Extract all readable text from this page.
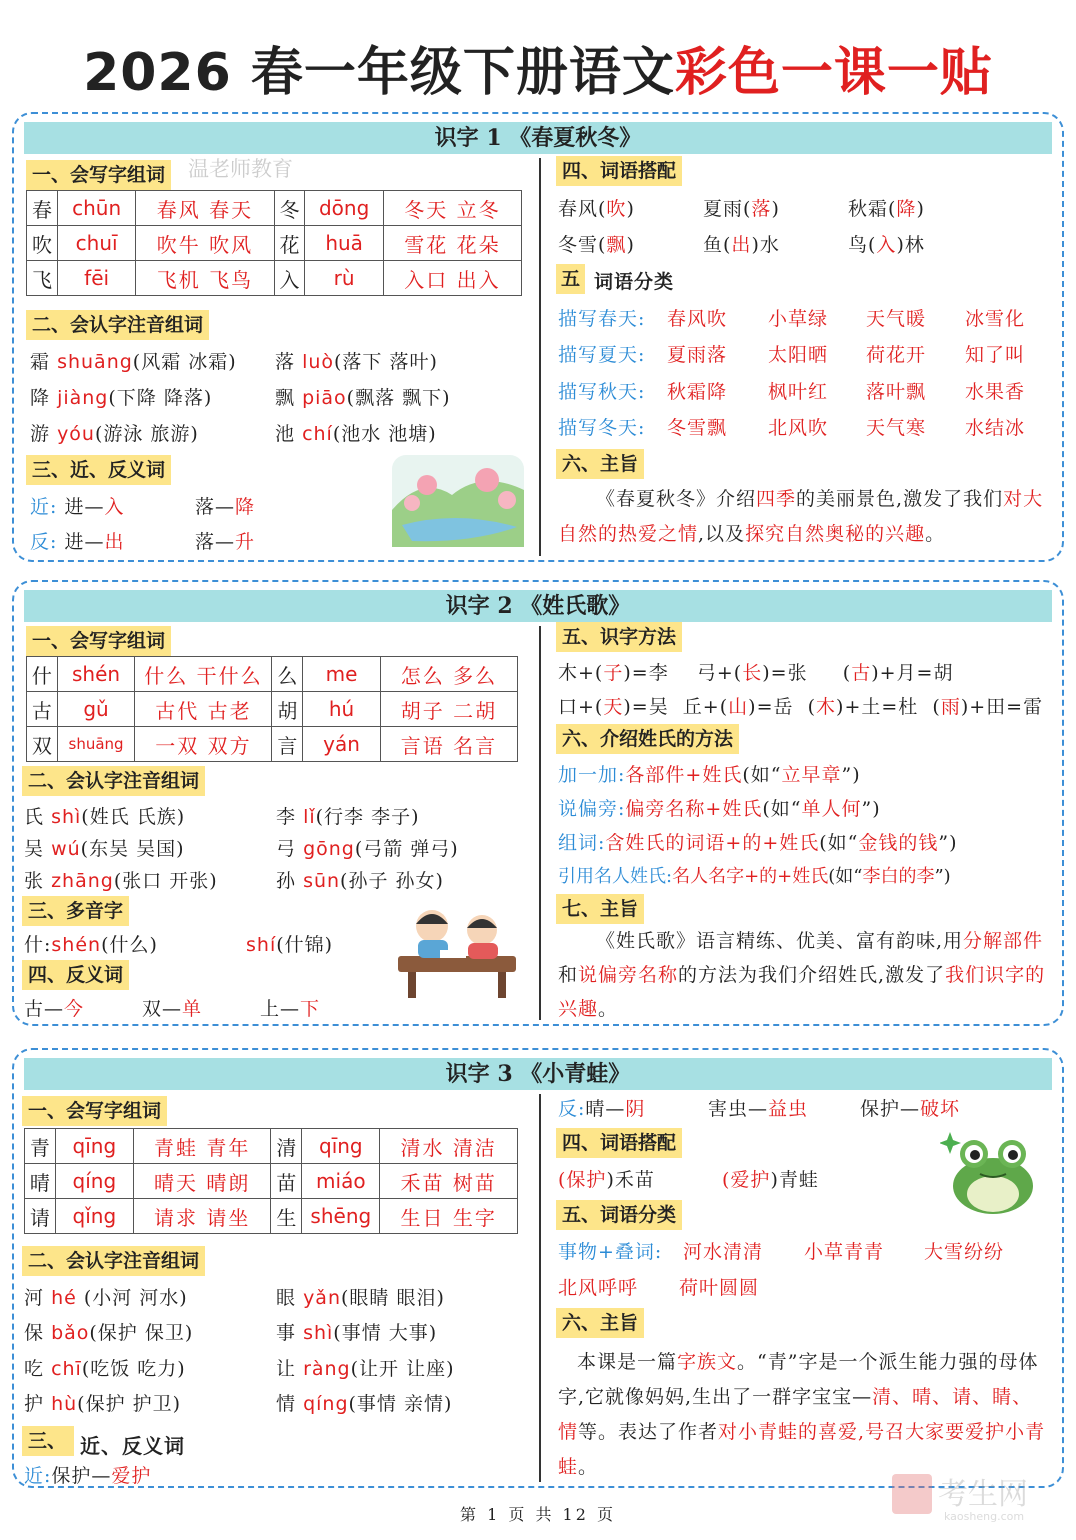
2026 春一年级下册语文彩色一课一贴
识字 1 《春夏秋冬》
一、会写字组词 温老师教育
春	chūn	春风 春天	冬	dōng	冬天 立冬
吹	chuī	吹牛 吹风	花	huā	雪花 花朵
飞	fēi	飞机 飞鸟	入	rù	入口 出入
二、会认字注音组词
霜 shuāng(风霜 冰霜) 落 luò(落下 落叶)
降 jiàng(下降 降落)	飘 piāo(飘落 飘下)
游 yóu(游泳 旅游)	池 chí(池水 池塘)
三、近、反义词
近: 进—入	落—降
反: 进—出	落—升
四、词语搭配
春风(吹)	夏雨(落)	秋霜(降)
冬雪(飘)	鱼(出)水	鸟(入)林
五 词语分类
描写春天: 春风吹 小草绿 天气暖 冰雪化
描写夏天: 夏雨落 太阳晒 荷花开 知了叫
描写秋天: 秋霜降 枫叶红 落叶飘 水果香
描写冬天: 冬雪飘 北风吹 天气寒 水结冰
六、主旨
《春夏秋冬》介绍四季的美丽景色,激发了我们对大自然的热爱之情,以及探究自然奥秘的兴趣。
识字 2 《姓氏歌》
一、会写字组词
什	shén	什么 干什么	么	me	怎么 多么
古	gǔ	古代 古老	胡	hú	胡子 二胡
双	shuāng	一双 双方	言	yán	言语 名言
二、会认字注音组词
氏 shì(姓氏 氏族)	李 lǐ(行李 李子)
吴 wú(东吴 吴国)	弓 gōng(弓箭 弹弓)
张 zhāng(张口 开张)	孙 sūn(孙子 孙女)
三、多音字
什:shén(什么)	shí(什锦)
四、反义词
古—今	双—单	上—下
五、识字方法
木+(子)=李 弓+(长)=张 (古)+月=胡
口+(天)=吴 丘+(山)=岳 (木)+土=杜 (雨)+田=雷
六、介绍姓氏的方法
加一加:各部件+姓氏(如“立早章”)
说偏旁:偏旁名称+姓氏(如“单人何”)
组词:含姓氏的词语+的+姓氏(如“金钱的钱”)
引用名人姓氏:名人名字+的+姓氏(如“李白的李”)
七、主旨
《姓氏歌》语言精练、优美、富有韵味,用分解部件和说偏旁名称的方法为我们介绍姓氏,激发了我们识字的兴趣。
识字 3 《小青蛙》
一、会写字组词
青	qīng	青蛙 青年	清	qīng	清水 清洁
晴	qíng	晴天 晴朗	苗	miáo	禾苗 树苗
请	qǐng	请求 请坐	生	shēng	生日 生字
二、会认字注音组词
河 hé (小河 河水)	眼 yǎn(眼睛 眼泪)
保 bǎo(保护 保卫)	事 shì(事情 大事)
吃 chī(吃饭 吃力)	让 ràng(让开 让座)
护 hù(保护 护卫)	情 qíng(事情 亲情)
三、 近、反义词
近:保护—爱护
反:晴—阴	害虫—益虫	保护—破坏
四、词语搭配
(保护)禾苗	(爱护)青蛙
五、词语分类
事物+叠词: 河水清清 小草青青 大雪纷纷
北风呼呼 荷叶圆圆
六、主旨
本课是一篇字族文。“青”字是一个派生能力强的母体字,它就像妈妈,生出了一群字宝宝—清、晴、请、睛、情等。表达了作者对小青蛙的喜爱,号召大家要爱护小青蛙。
考生网
kaosheng.com
第 1 页 共 12 页
